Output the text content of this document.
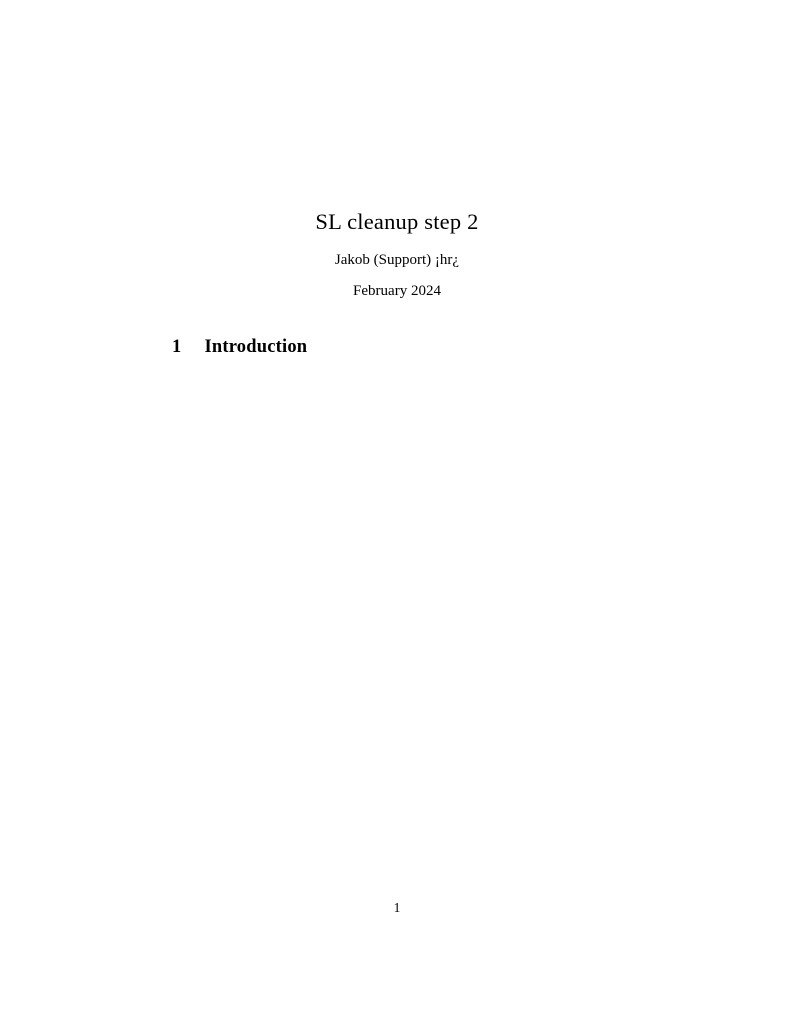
SL cleanup step 2
Jakob (Support) ¡hr¿
February 2024
1 Introduction
1
